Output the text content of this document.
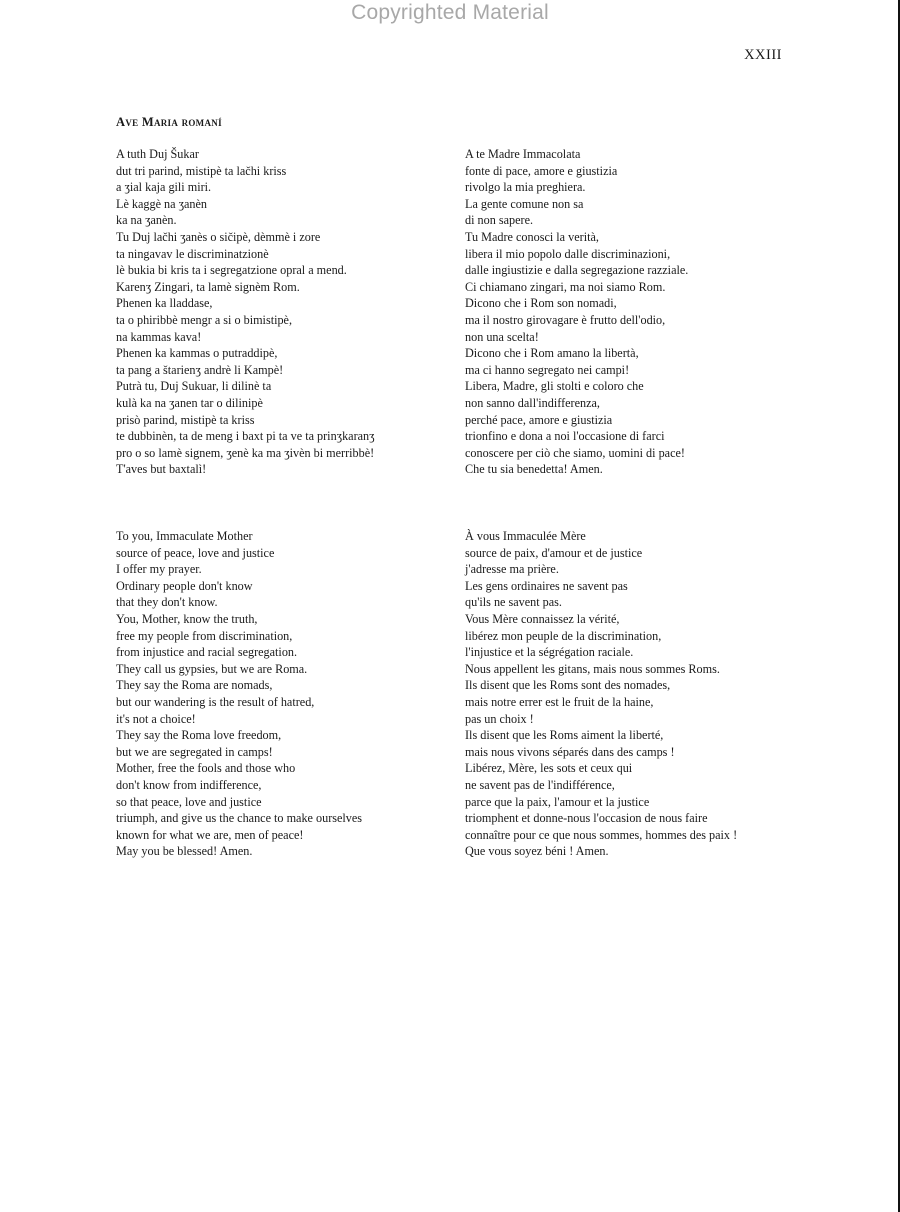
Copyrighted Material
XXIII
Ave Maria romaní
A tuth Duj Šukar
dut tri parind, mistipè ta lačhi kriss
a ʒial kaja gili miri.
Lè kaggè na ʒanèn
ka na ʒanèn.
Tu Duj lačhi ʒanès o sičipè, dèmmè i zore
ta ningavav le discriminatzionè
lè bukia bi kris ta i segregatzione opral a mend.
Karenʒ Zingari, ta lamè signèm Rom.
Phenen ka lladdase,
ta o phiribbè mengr a si o bimistipè,
na kammas kava!
Phenen ka kammas o putraddipè,
ta pang a štarienʒ andrè li Kampè!
Putrà tu, Duj Sukuar, li dilinè ta
kulà ka na ʒanen tar o dilinipè
prisò parind, mistipè ta kriss
te dubbinèn, ta de meng i baxt pi ta ve ta prinʒkaranʒ
pro o so lamè signem, ʒenè ka ma ʒivèn bi merribbè!
T'aves but baxtalì!
A te Madre Immacolata
fonte di pace, amore e giustizia
rivolgo la mia preghiera.
La gente comune non sa
di non sapere.
Tu Madre conosci la verità,
libera il mio popolo dalle discriminazioni,
dalle ingiustizie e dalla segregazione razziale.
Ci chiamano zingari, ma noi siamo Rom.
Dicono che i Rom son nomadi,
ma il nostro girovagare è frutto dell'odio,
non una scelta!
Dicono che i Rom amano la libertà,
ma ci hanno segregato nei campi!
Libera, Madre, gli stolti e coloro che
non sanno dall'indifferenza,
perché pace, amore e giustizia
trionfino e dona a noi l'occasione di farci
conoscere per ciò che siamo, uomini di pace!
Che tu sia benedetta! Amen.
To you, Immaculate Mother
source of peace, love and justice
I offer my prayer.
Ordinary people don't know
that they don't know.
You, Mother, know the truth,
free my people from discrimination,
from injustice and racial segregation.
They call us gypsies, but we are Roma.
They say the Roma are nomads,
but our wandering is the result of hatred,
it's not a choice!
They say the Roma love freedom,
but we are segregated in camps!
Mother, free the fools and those who
don't know from indifference,
so that peace, love and justice
triumph, and give us the chance to make ourselves
known for what we are, men of peace!
May you be blessed! Amen.
À vous Immaculée Mère
source de paix, d'amour et de justice
j'adresse ma prière.
Les gens ordinaires ne savent pas
qu'ils ne savent pas.
Vous Mère connaissez la vérité,
libérez mon peuple de la discrimination,
l'injustice et la ségrégation raciale.
Nous appellent les gitans, mais nous sommes Roms.
Ils disent que les Roms sont des nomades,
mais notre errer est le fruit de la haine,
pas un choix !
Ils disent que les Roms aiment la liberté,
mais nous vivons séparés dans des camps !
Libérez, Mère, les sots et ceux qui
ne savent pas de l'indifférence,
parce que la paix, l'amour et la justice
triomphent et donne-nous l'occasion de nous faire
connaître pour ce que nous sommes, hommes des paix !
Que vous soyez béni ! Amen.
